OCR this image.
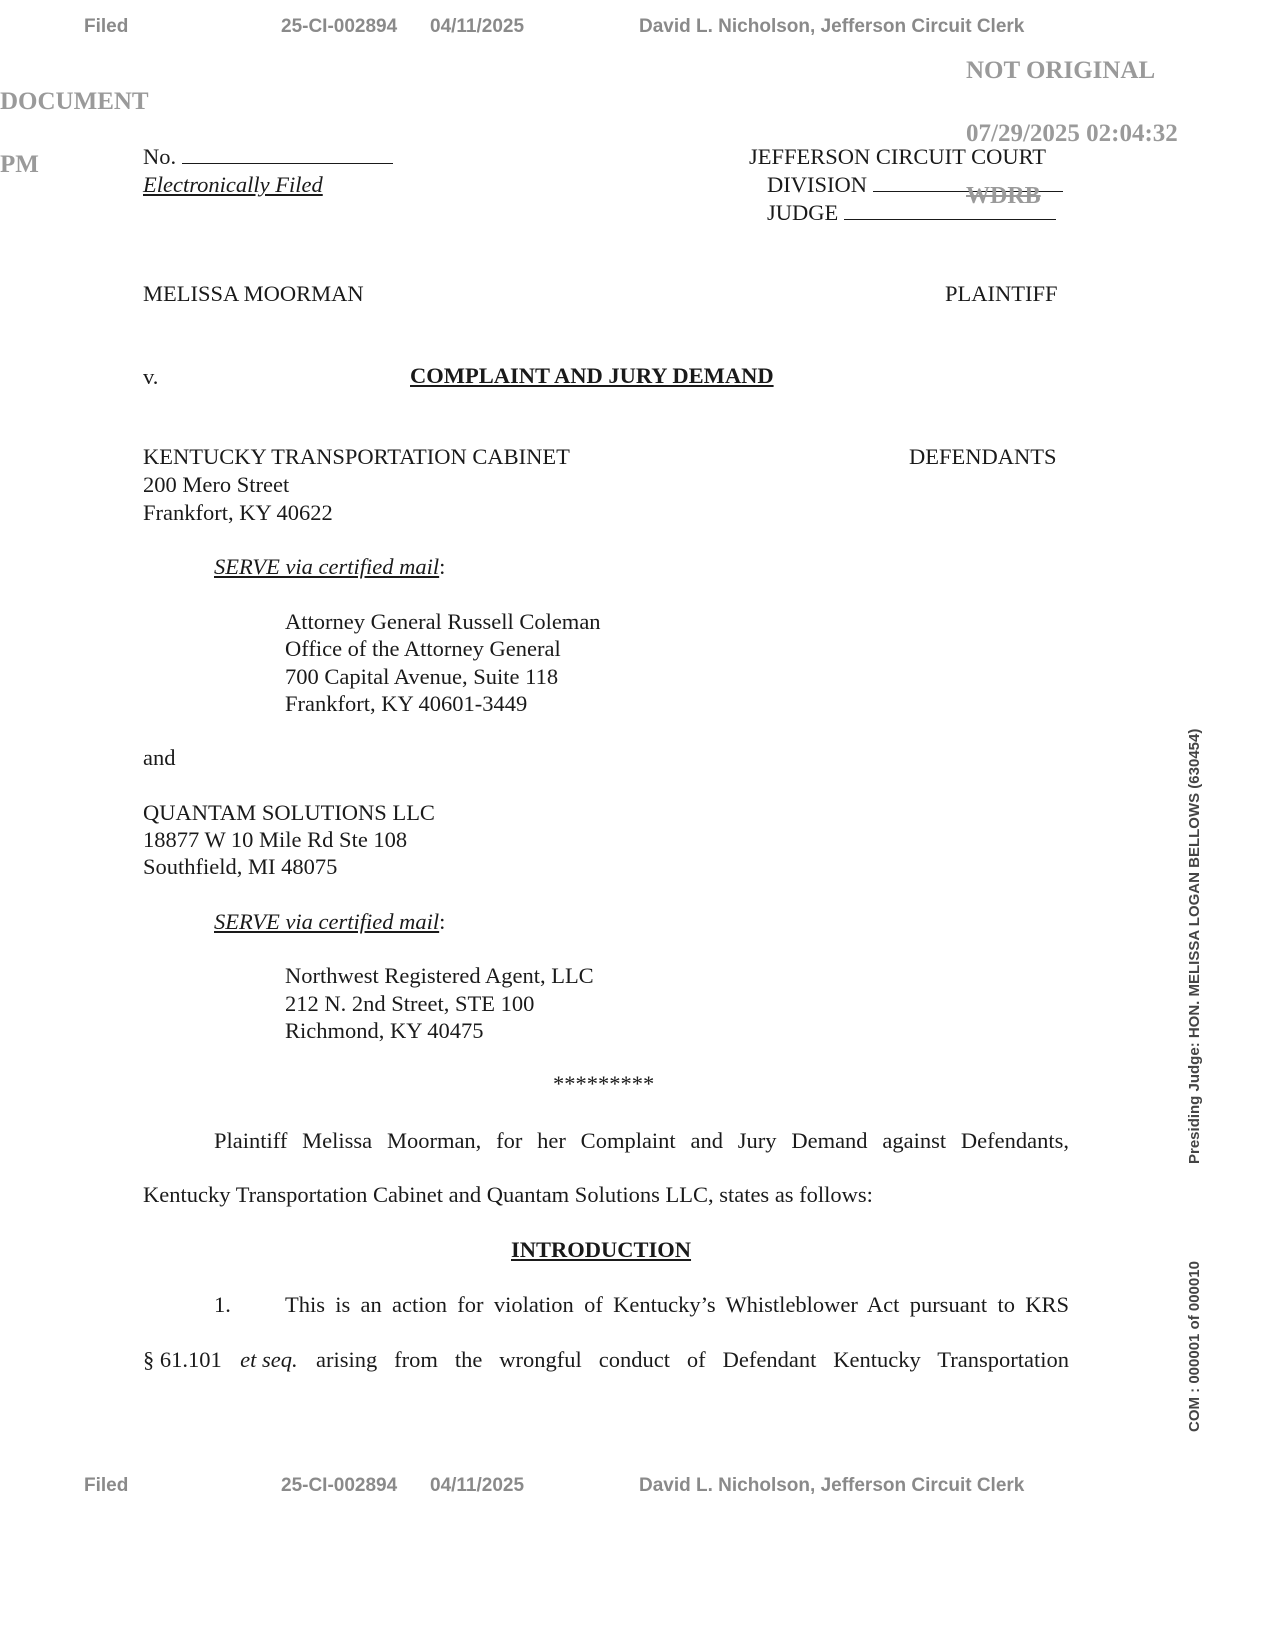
Filed	25-CI-002894 04/11/2025	David L. Nicholson, Jefferson Circuit Clerk
NOT ORIGINAL
DOCUMENT
07/29/2025 02:04:32
PM	No.
Electronically Filed
JEFFERSON CIRCUIT COURT
DIVISION	WDRB
JUDGE
MELISSA MOORMAN	PLAINTIFF
v.	COMPLAINT AND JURY DEMAND
KENTUCKY TRANSPORTATION CABINET	DEFENDANTS
200 Mero Street
Frankfort, KY 40622
SERVE via certified mail:
Attorney General Russell Coleman
Office of the Attorney General
700 Capital Avenue, Suite 118
Frankfort, KY 40601-3449
and
QUANTAM SOLUTIONS LLC
18877 W 10 Mile Rd Ste 108
Southfield, MI 48075
SERVE via certified mail:
Northwest Registered Agent, LLC
212 N. 2nd Street, STE 100
Richmond, KY 40475
*********
Plaintiff Melissa Moorman, for her Complaint and Jury Demand against Defendants,
Kentucky Transportation Cabinet and Quantam Solutions LLC, states as follows:
INTRODUCTION
1. This is an action for violation of Kentucky’s Whistleblower Act pursuant to KRS
§ 61.101 et seq. arising from the wrongful conduct of Defendant Kentucky Transportation
Presiding Judge: HON. MELISSA LOGAN BELLOWS (630454)
COM : 000001 of 000010
Filed	25-CI-002894 04/11/2025	David L. Nicholson, Jefferson Circuit Clerk
